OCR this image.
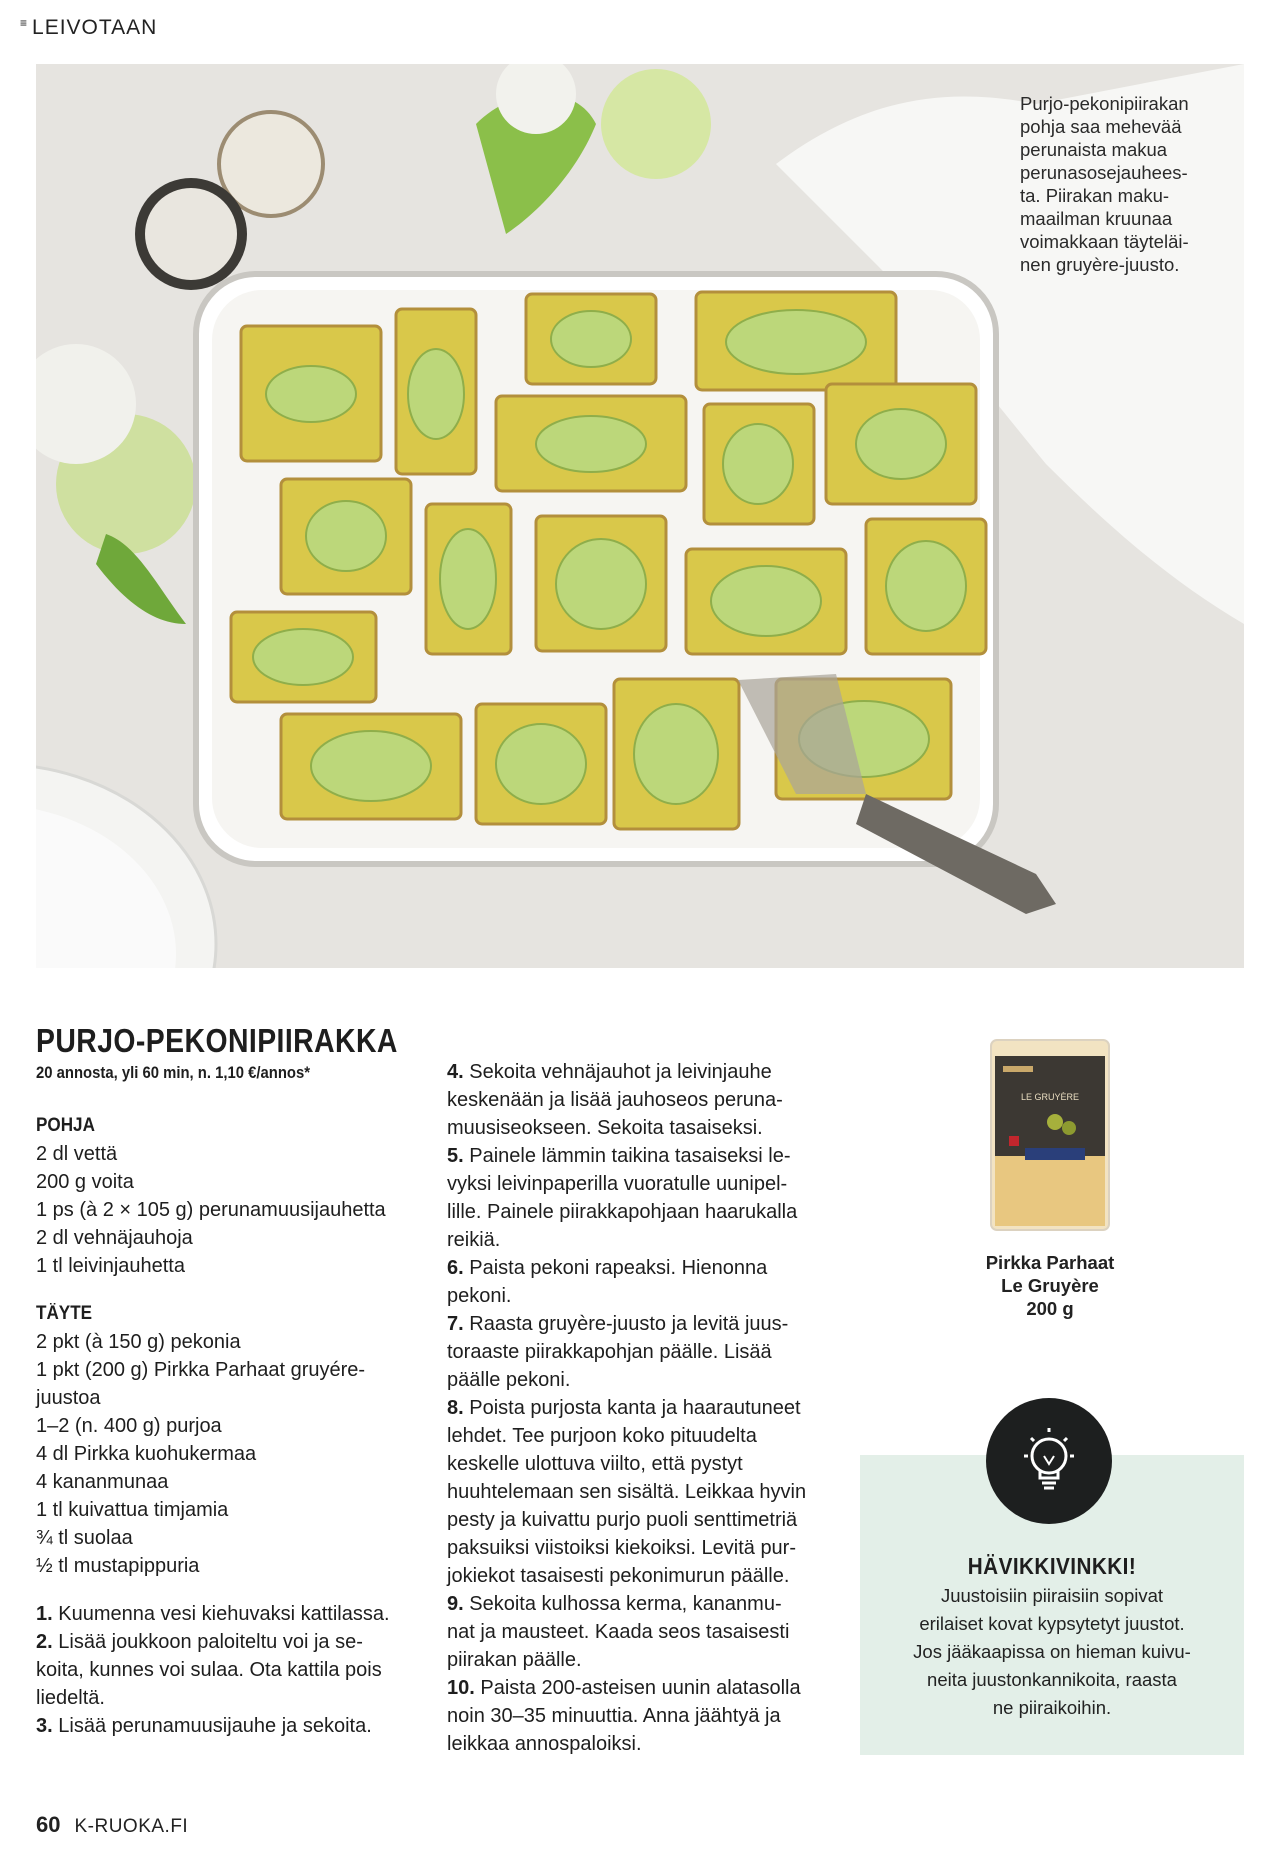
≡ LEIVOTAAN
Purjo-pekonipiirakan
pohja saa mehevää
perunaista makua
perunasosejauhees-
ta. Piirakan maku-
maailman kruunaa
voimakkaan täyteläi-
nen gruyère-juusto.
PURJO-PEKONIPIIRAKKA
20 annosta, yli 60 min, n. 1,10 €/annos*
POHJA
2 dl vettä
200 g voita
1 ps (à 2 × 105 g) perunamuusijauhetta
2 dl vehnäjauhoja
1 tl leivinjauhetta
TÄYTE
2 pkt (à 150 g) pekonia
1 pkt (200 g) Pirkka Parhaat gruyére-
juustoa
1–2 (n. 400 g) purjoa
4 dl Pirkka kuohukermaa
4 kananmunaa
1 tl kuivattua timjamia
¾ tl suolaa
½ tl mustapippuria
1. Kuumenna vesi kiehuvaksi kattilassa.
2. Lisää joukkoon paloiteltu voi ja se-
koita, kunnes voi sulaa. Ota kattila pois
liedeltä.
3. Lisää perunamuusijauhe ja sekoita.
4. Sekoita vehnäjauhot ja leivinjauhe
keskenään ja lisää jauhoseos peruna-
muusiseokseen. Sekoita tasaiseksi.
5. Painele lämmin taikina tasaiseksi le-
vyksi leivinpaperilla vuoratulle uunipel-
lille. Painele piirakkapohjaan haarukalla
reikiä.
6. Paista pekoni rapeaksi. Hienonna
pekoni.
7. Raasta gruyère-juusto ja levitä juus-
toraaste piirakkapohjan päälle. Lisää
päälle pekoni.
8. Poista purjosta kanta ja haarautuneet
lehdet. Tee purjoon koko pituudelta
keskelle ulottuva viilto, että pystyt
huuhtelemaan sen sisältä. Leikkaa hyvin
pesty ja kuivattu purjo puoli senttimetriä
paksuiksi viistoiksi kiekoiksi. Levitä pur-
jokiekot tasaisesti pekonimurun päälle.
9. Sekoita kulhossa kerma, kananmu-
nat ja mausteet. Kaada seos tasaisesti
piirakan päälle.
10. Paista 200-asteisen uunin alatasolla
noin 30–35 minuuttia. Anna jäähtyä ja
leikkaa annospaloiksi.
LE GRUYÈRE
Pirkka Parhaat
Le Gruyère
200 g
HÄVIKKIVINKKI!
Juustoisiin piiraisiin sopivat
erilaiset kovat kypsytetyt juustot.
Jos jääkaapissa on hieman kuivu-
neita juustonkannikoita, raasta
ne piiraikoihin.
60 K-RUOKA.FI
